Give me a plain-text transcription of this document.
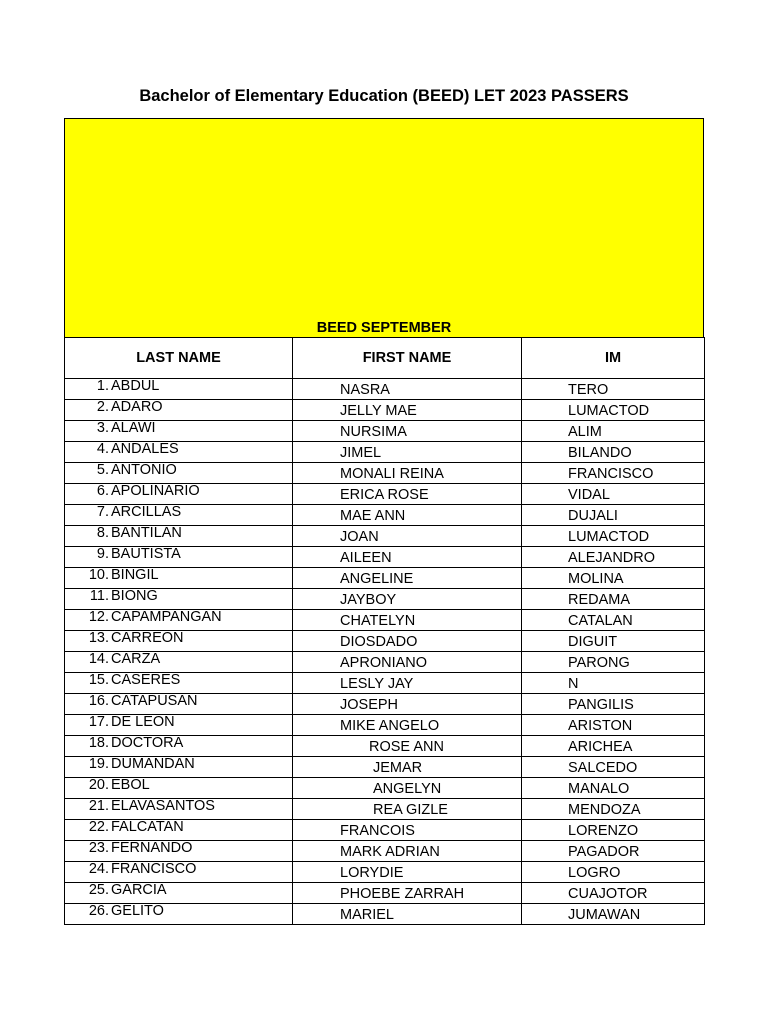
Bachelor of Elementary Education (BEED) LET 2023 PASSERS
BEED SEPTEMBER
LAST NAME	FIRST NAME	IM
1. ABDUL	NASRA	TERO
2. ADARO	JELLY MAE	LUMACTOD
3. ALAWI	NURSIMA	ALIM
4. ANDALES	JIMEL	BILANDO
5. ANTONIO	MONALI REINA	FRANCISCO
6. APOLINARIO	ERICA ROSE	VIDAL
7. ARCILLAS	MAE ANN	DUJALI
8. BANTILAN	JOAN	LUMACTOD
9. BAUTISTA	AILEEN	ALEJANDRO
10. BINGIL	ANGELINE	MOLINA
11. BIONG	JAYBOY	REDAMA
12. CAPAMPANGAN	CHATELYN	CATALAN
13. CARREON	DIOSDADO	DIGUIT
14. CARZA	APRONIANO	PARONG
15. CASERES	LESLY JAY	N
16. CATAPUSAN	JOSEPH	PANGILIS
17. DE LEON	MIKE ANGELO	ARISTON
18. DOCTORA	ROSE ANN	ARICHEA
19. DUMANDAN	JEMAR	SALCEDO
20. EBOL	ANGELYN	MANALO
21. ELAVASANTOS	REA GIZLE	MENDOZA
22. FALCATAN	FRANCOIS	LORENZO
23. FERNANDO	MARK ADRIAN	PAGADOR
24. FRANCISCO	LORYDIE	LOGRO
25. GARCIA	PHOEBE ZARRAH	CUAJOTOR
26. GELITO	MARIEL	JUMAWAN
